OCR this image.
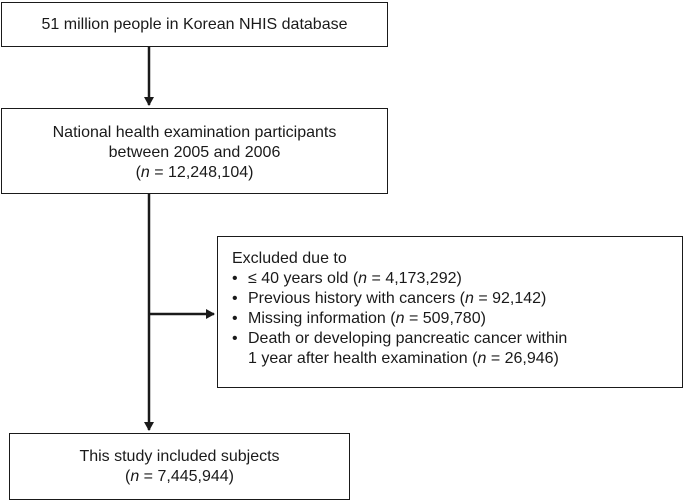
51 million people in Korean NHIS database
National health examination participants
between 2005 and 2006
(n = 12,248,104)
Excluded due to
• ≤ 40 years old (n = 4,173,292)
• Previous history with cancers (n = 92,142)
• Missing information (n = 509,780)
• Death or developing pancreatic cancer within
1 year after health examination (n = 26,946)
This study included subjects
(n = 7,445,944)
